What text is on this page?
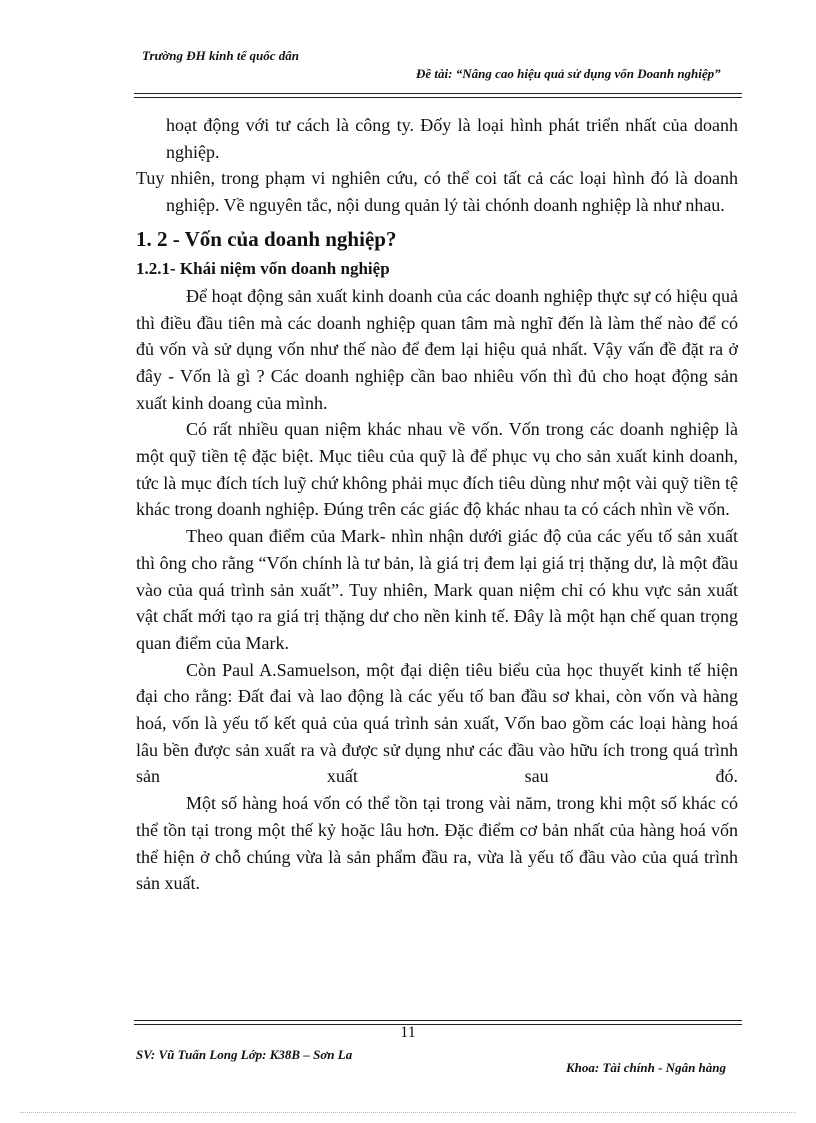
Trường ĐH kinh tế quốc dân
Đề tài: “Nâng cao hiệu quả sử dụng vốn Doanh nghiệp”

hoạt động với tư cách là công ty. Đốy là loại hình phát triển nhất của doanh nghiệp.

Tuy nhiên, trong phạm vi nghiên cứu, có thể coi tất cả các loại hình đó là doanh nghiệp. Về nguyên tắc, nội dung quản lý tài chónh doanh nghiệp là như nhau.

1. 2 - Vốn của doanh nghiệp?
1.2.1- Khái niệm vốn doanh nghiệp

Để hoạt động sản xuất kinh doanh của các doanh nghiệp thực sự có hiệu quả thì điều đầu tiên mà các doanh nghiệp quan tâm mà nghĩ đến là làm thế nào để có đủ vốn và sử dụng vốn như thế nào để đem lại hiệu quả nhất. Vậy vấn đề đặt ra ở đây - Vốn là gì ? Các doanh nghiệp cần bao nhiêu vốn thì đủ cho hoạt động sản xuất kinh doang của mình.

Có rất nhiều quan niệm khác nhau về vốn. Vốn trong các doanh nghiệp là một quỹ tiền tệ đặc biệt. Mục tiêu của quỹ là để phục vụ cho sản xuất kinh doanh, tức là mục đích tích luỹ chứ không phải mục đích tiêu dùng như một vài quỹ tiền tệ khác trong doanh nghiệp. Đúng trên các giác độ khác nhau ta có cách nhìn về vốn.

Theo quan điểm của Mark- nhìn nhận dưới giác độ của các yếu tố sản xuất thì ông cho rằng “Vốn chính là tư bản, là giá trị đem lại giá trị thặng dư, là một đầu vào của quá trình sản xuất”. Tuy nhiên, Mark quan niệm chỉ có khu vực sản xuất vật chất mới tạo ra giá trị thặng dư cho nền kinh tế. Đây là một hạn chế quan trọng quan điểm của Mark.

Còn Paul A.Samuelson, một đại diện tiêu biểu của học thuyết kinh tế hiện đại cho rằng: Đất đai và lao động là các yếu tố ban đầu sơ khai, còn vốn và hàng hoá, vốn là yếu tố kết quả của quá trình sản xuất, Vốn bao gồm các loại hàng hoá lâu bền được sản xuất ra và được sử dụng như các đầu vào hữu ích trong quá trình sản xuất sau đó.

Một số hàng hoá vốn có thể tồn tại trong vài năm, trong khi một số khác có thể tồn tại trong một thế kỷ hoặc lâu hơn. Đặc điểm cơ bản nhất của hàng hoá vốn thể hiện ở chỗ chúng vừa là sản phẩm đầu ra, vừa là yếu tố đầu vào của quá trình sản xuất.

11
SV: Vũ Tuấn Long Lớp: K38B – Sơn La
Khoa: Tài chính - Ngân hàng
